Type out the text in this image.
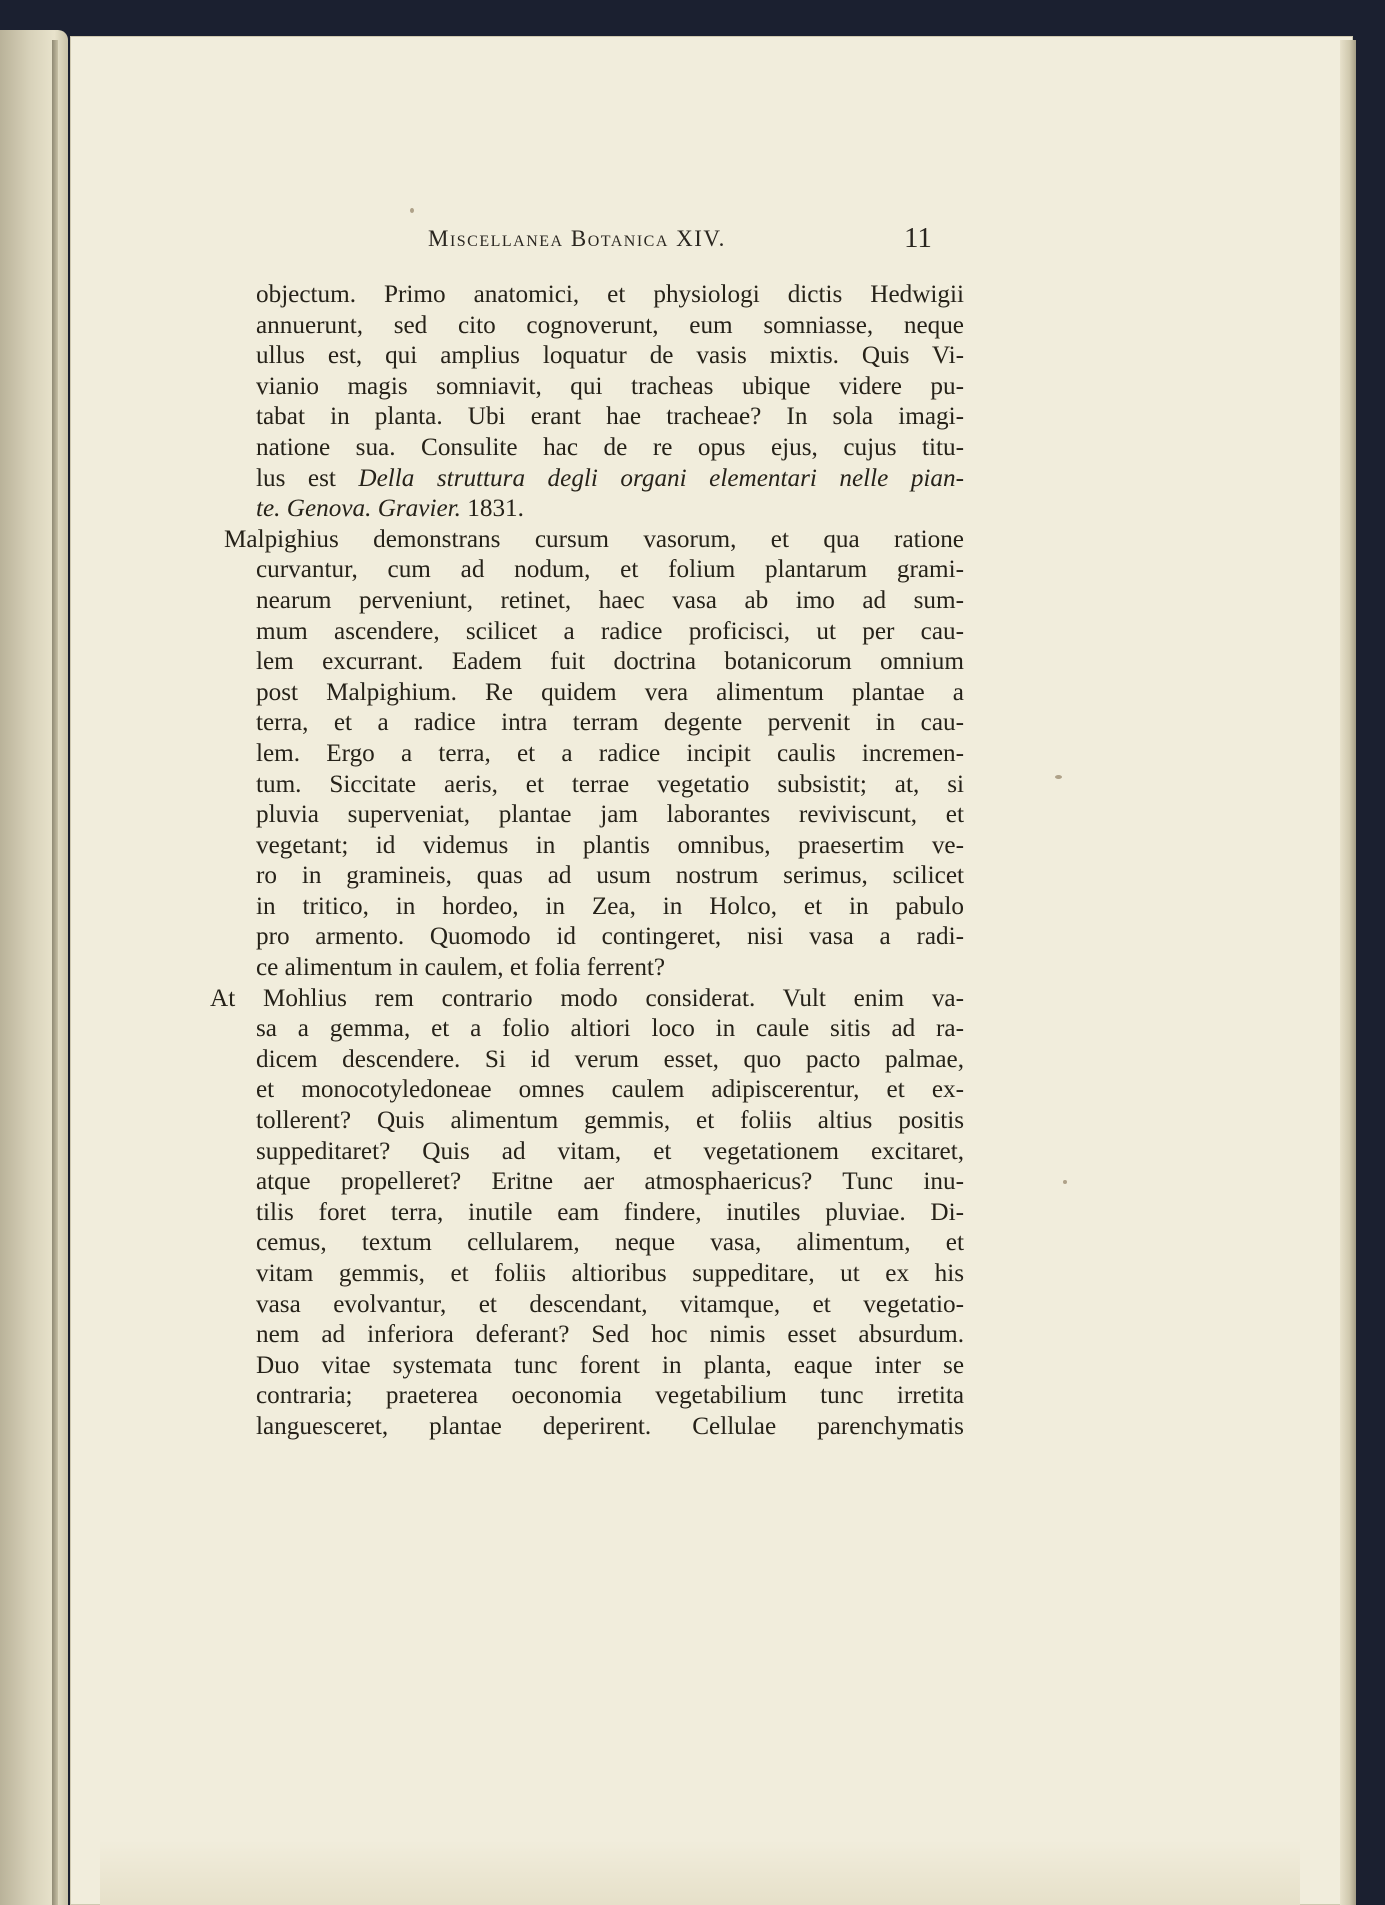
Miscellanea Botanica XIV.	11
objectum. Primo anatomici, et physiologi dictis Hedwigii
annuerunt, sed cito cognoverunt, eum somniasse, neque
ullus est, qui amplius loquatur de vasis mixtis. Quis Vi-
vianio magis somniavit, qui tracheas ubique videre pu-
tabat in planta. Ubi erant hae tracheae? In sola imagi-
natione sua. Consulite hac de re opus ejus, cujus titu-
lus est Della struttura degli organi elementari nelle pian-
te. Genova. Gravier. 1831.
Malpighius demonstrans cursum vasorum, et qua ratione
curvantur, cum ad nodum, et folium plantarum grami-
nearum perveniunt, retinet, haec vasa ab imo ad sum-
mum ascendere, scilicet a radice proficisci, ut per cau-
lem excurrant. Eadem fuit doctrina botanicorum omnium
post Malpighium. Re quidem vera alimentum plantae a
terra, et a radice intra terram degente pervenit in cau-
lem. Ergo a terra, et a radice incipit caulis incremen-
tum. Siccitate aeris, et terrae vegetatio subsistit; at, si
pluvia superveniat, plantae jam laborantes reviviscunt, et
vegetant; id videmus in plantis omnibus, praesertim ve-
ro in gramineis, quas ad usum nostrum serimus, scilicet
in tritico, in hordeo, in Zea, in Holco, et in pabulo
pro armento. Quomodo id contingeret, nisi vasa a radi-
ce alimentum in caulem, et folia ferrent?
At Mohlius rem contrario modo considerat. Vult enim va-
sa a gemma, et a folio altiori loco in caule sitis ad ra-
dicem descendere. Si id verum esset, quo pacto palmae,
et monocotyledoneae omnes caulem adipiscerentur, et ex-
tollerent? Quis alimentum gemmis, et foliis altius positis
suppeditaret? Quis ad vitam, et vegetationem excitaret,
atque propelleret? Eritne aer atmosphaericus? Tunc inu-
tilis foret terra, inutile eam findere, inutiles pluviae. Di-
cemus, textum cellularem, neque vasa, alimentum, et
vitam gemmis, et foliis altioribus suppeditare, ut ex his
vasa evolvantur, et descendant, vitamque, et vegetatio-
nem ad inferiora deferant? Sed hoc nimis esset absurdum.
Duo vitae systemata tunc forent in planta, eaque inter se
contraria; praeterea oeconomia vegetabilium tunc irretita
languesceret, plantae deperirent. Cellulae parenchymatis
